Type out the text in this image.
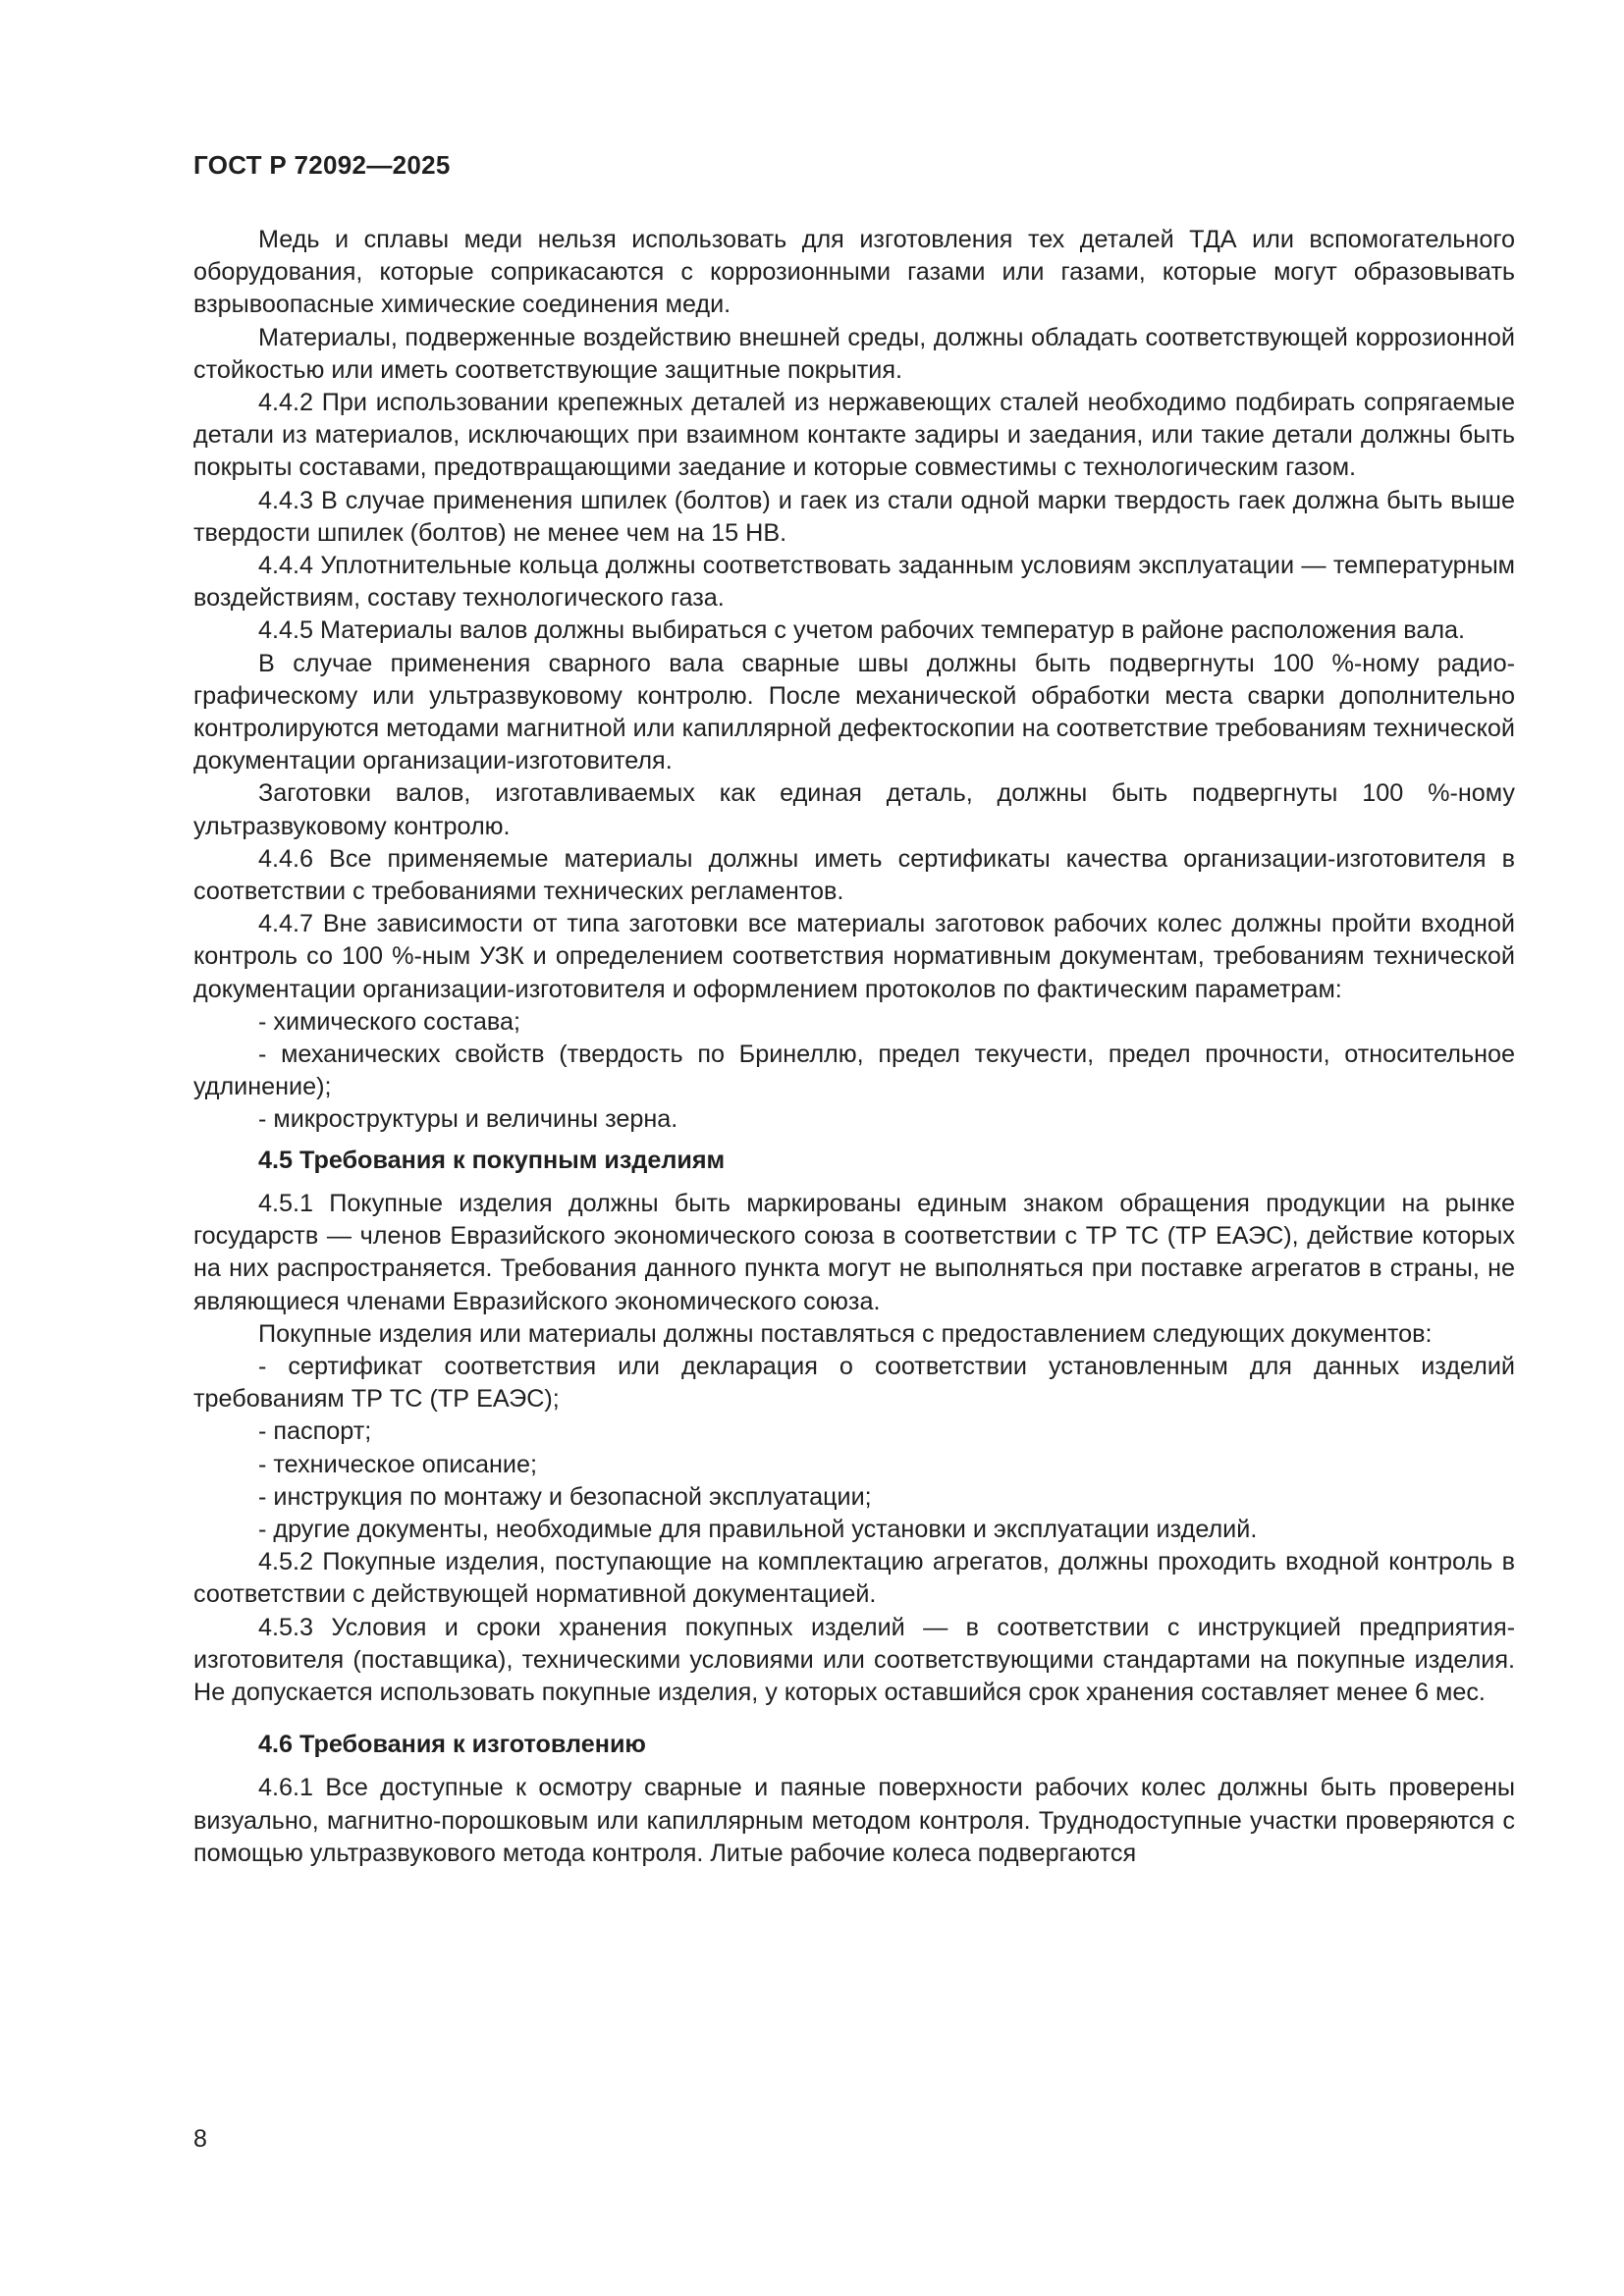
ГОСТ Р 72092—2025

Медь и сплавы меди нельзя использовать для изготовления тех деталей ТДА или вспомогательного оборудования, которые соприкасаются с коррозионными газами или газами, которые могут образовывать взрывоопасные химические соединения меди.

Материалы, подверженные воздействию внешней среды, должны обладать соответствующей коррозионной стойкостью или иметь соответствующие защитные покрытия.

4.4.2 При использовании крепежных деталей из нержавеющих сталей необходимо подбирать сопрягаемые детали из материалов, исключающих при взаимном контакте задиры и заедания, или такие детали должны быть покрыты составами, предотвращающими заедание и которые совместимы с технологическим газом.

4.4.3 В случае применения шпилек (болтов) и гаек из стали одной марки твердость гаек должна быть выше твердости шпилек (болтов) не менее чем на 15 НВ.

4.4.4 Уплотнительные кольца должны соответствовать заданным условиям эксплуатации — температурным воздействиям, составу технологического газа.

4.4.5 Материалы валов должны выбираться с учетом рабочих температур в районе расположения вала.

В случае применения сварного вала сварные швы должны быть подвергнуты 100 %-ному радиографическому или ультразвуковому контролю. После механической обработки места сварки дополнительно контролируются методами магнитной или капиллярной дефектоскопии на соответствие требованиям технической документации организации-изготовителя.

Заготовки валов, изготавливаемых как единая деталь, должны быть подвергнуты 100 %-ному ультразвуковому контролю.

4.4.6 Все применяемые материалы должны иметь сертификаты качества организации-изготовителя в соответствии с требованиями технических регламентов.

4.4.7 Вне зависимости от типа заготовки все материалы заготовок рабочих колес должны пройти входной контроль со 100 %-ным УЗК и определением соответствия нормативным документам, требованиям технической документации организации-изготовителя и оформлением протоколов по фактическим параметрам:

- химического состава;

- механических свойств (твердость по Бринеллю, предел текучести, предел прочности, относительное удлинение);

- микроструктуры и величины зерна.

4.5 Требования к покупным изделиям

4.5.1 Покупные изделия должны быть маркированы единым знаком обращения продукции на рынке государств — членов Евразийского экономического союза в соответствии с ТР ТС (ТР ЕАЭС), действие которых на них распространяется. Требования данного пункта могут не выполняться при поставке агрегатов в страны, не являющиеся членами Евразийского экономического союза.

Покупные изделия или материалы должны поставляться с предоставлением следующих документов:

- сертификат соответствия или декларация о соответствии установленным для данных изделий требованиям ТР ТС (ТР ЕАЭС);

- паспорт;

- техническое описание;

- инструкция по монтажу и безопасной эксплуатации;

- другие документы, необходимые для правильной установки и эксплуатации изделий.

4.5.2 Покупные изделия, поступающие на комплектацию агрегатов, должны проходить входной контроль в соответствии с действующей нормативной документацией.

4.5.3 Условия и сроки хранения покупных изделий — в соответствии с инструкцией предприятия-изготовителя (поставщика), техническими условиями или соответствующими стандартами на покупные изделия. Не допускается использовать покупные изделия, у которых оставшийся срок хранения составляет менее 6 мес.

4.6 Требования к изготовлению

4.6.1 Все доступные к осмотру сварные и паяные поверхности рабочих колес должны быть проверены визуально, магнитно-порошковым или капиллярным методом контроля. Труднодоступные участки проверяются с помощью ультразвукового метода контроля. Литые рабочие колеса подвергаются

8
